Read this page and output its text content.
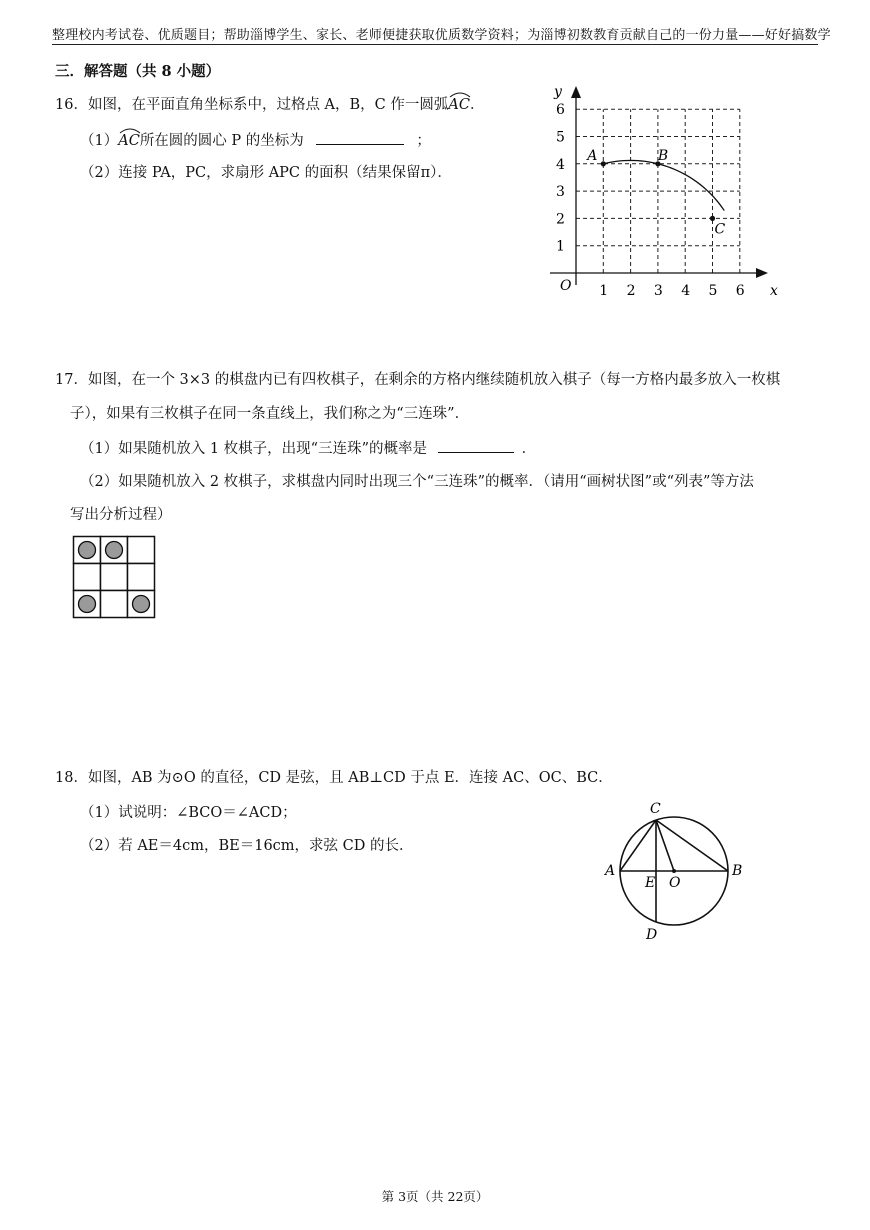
整理校内考试卷、优质题目；帮助淄博学生、家长、老师便捷获取优质数学资料；为淄博初数教育贡献自己的一份力量——好好搞数学
三．解答题（共 8 小题）
16．如图，在平面直角坐标系中，过格点 A，B，C 作一圆弧
AC．
（1）
AC所在圆的圆心 P 的坐标为	；
（2）连接 PA，PC，求扇形 APC 的面积（结果保留π）．
x
y
O 1 2 3 4 5 6
1
2
3
4
5
6
A	B
C
17．如图，在一个 3×3 的棋盘内已有四枚棋子，在剩余的方格内继续随机放入棋子（每一方格内最多放入一枚棋
子），如果有三枚棋子在同一条直线上，我们称之为“三连珠”．
（1）如果随机放入 1 枚棋子，出现“三连珠”的概率是	．
（2）如果随机放入 2 枚棋子，求棋盘内同时出现三个“三连珠”的概率．（请用“画树状图”或“列表”等方法
写出分析过程）
18．如图，AB 为⊙O 的直径，CD 是弦，且 AB⊥CD 于点 E．连接 AC、OC、BC．
（1）试说明：∠BCO＝∠ACD；
（2）若 AE＝4cm，BE＝16cm，求弦 CD 的长．
C
A	B
E O
D
第 3页（共 22页）
